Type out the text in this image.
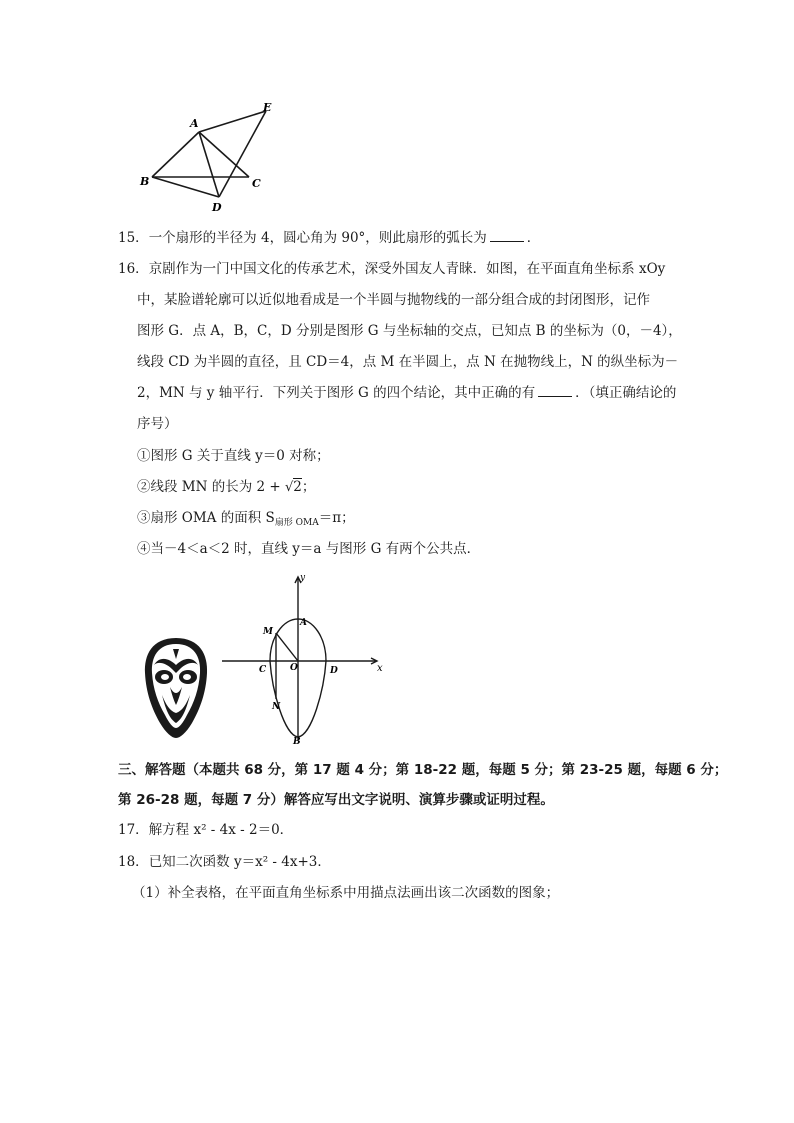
A
E
B	C
D
15．一个扇形的半径为 4，圆心角为 90°，则此扇形的弧长为	．
16．京剧作为一门中国文化的传承艺术，深受外国友人青睐．如图，在平面直角坐标系 xOy
中，某脸谱轮廓可以近似地看成是一个半圆与抛物线的一部分组合成的封闭图形，记作
图形 G．点 A，B，C，D 分别是图形 G 与坐标轴的交点，已知点 B 的坐标为（0，－4），
线段 CD 为半圆的直径，且 CD＝4，点 M 在半圆上，点 N 在抛物线上，N 的纵坐标为－
2，MN 与 y 轴平行．下列关于图形 G 的四个结论，其中正确的有	．（填正确结论的
序号）
①图形 G 关于直线 y＝0 对称；
②线段 MN 的长为 2 + √2；
③扇形 OMA 的面积 $S_{扇形 OMA}=\pi$；
④当－4＜a＜2 时，直线 y＝a 与图形 G 有两个公共点．
y
x
A
M
C	O	D
N
B
三、解答题（本题共 68 分，第 17 题 4 分；第 18-22 题，每题 5 分；第 23-25 题，每题 6 分；
第 26-28 题，每题 7 分）解答应写出文字说明、演算步骤或证明过程。
17．解方程 x² - 4x - 2＝0．
18．已知二次函数 y＝x² - 4x+3．
（1）补全表格，在平面直角坐标系中用描点法画出该二次函数的图象；
